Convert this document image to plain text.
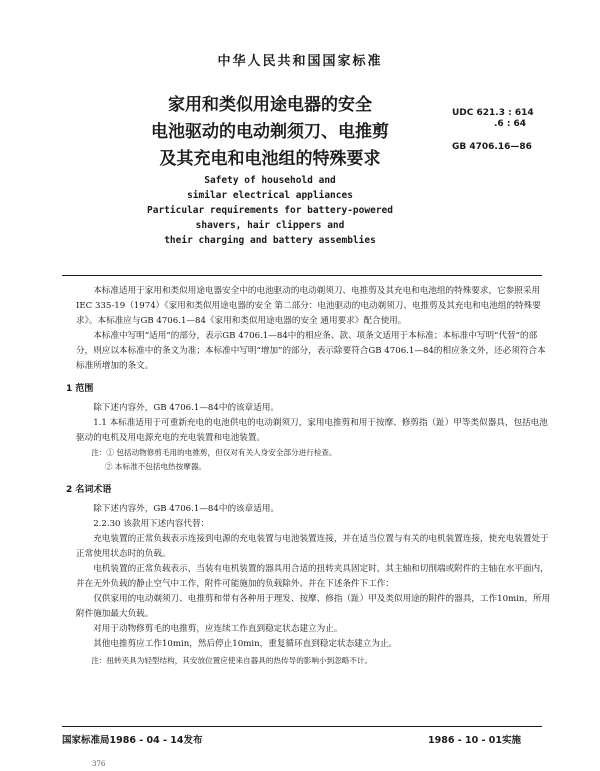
中华人民共和国国家标准
家用和类似用途电器的安全
电池驱动的电动剃须刀、电推剪
及其充电和电池组的特殊要求
UDC 621.3 : 614
.6 : 64
GB 4706.16—86
Safety of household and
similar electrical appliances
Particular requirements for battery-powered
shavers, hair clippers and
their charging and battery assemblies
本标准适用于家用和类似用途电器安全中的电池驱动的电动剃须刀、电推剪及其充电和电池组的特殊要求，它参照采用IEC 335-19（1974）《家用和类似用途电器的安全 第二部分：电池驱动的电动剃须刀、电推剪及其充电和电池组的特殊要求》。本标准应与GB 4706.1—84《家用和类似用途电器的安全 通用要求》配合使用。
本标准中写明“适用”的部分，表示GB 4706.1—84中的相应条、款、项条文适用于本标准；本标准中写明“代替”的部分，则应以本标准中的条文为准；本标准中写明“增加”的部分，表示除要符合GB 4706.1—84的相应条文外，还必须符合本标准所增加的条文。
1 范围
除下述内容外，GB 4706.1—84中的该章适用。
1.1 本标准适用于可重新充电的电池供电的电动剃须刀，家用电推剪和用于按摩、修剪指（趾）甲等类似器具，包括电池驱动的电机及用电源充电的充电装置和电池装置。
注：① 包括动物修剪毛用的电推剪，但仅对有关人身安全部分进行检查。
② 本标准不包括电热按摩器。
2 名词术语
除下述内容外，GB 4706.1—84中的该章适用。
2.2.30 该款用下述内容代替：
充电装置的正常负载表示连接到电源的充电装置与电池装置连接，并在适当位置与有关的电机装置连接，使充电装置处于正常使用状态时的负载。
电机装置的正常负载表示，当装有电机装置的器具用合适的扭转夹具固定时，其主轴和切削端或附件的主轴在水平面内，并在无外负载的静止空气中工作，附件可能施加的负载除外。并在下述条件下工作：
仅供家用的电动剃须刀、电推剪和带有各种用于理发、按摩、修指（趾）甲及类似用途的附件的器具，工作10min，所用附件施加最大负载。
对用于动物修剪毛的电推剪，应连续工作直到稳定状态建立为止。
其他电推剪应工作10min，然后停止10min，重复循环直到稳定状态建立为止。
注：扭转夹具为轻型结构，其安放位置应使来自器具的热传导的影响小到忽略不计。
国家标准局1986 - 04 - 14发布	1986 - 10 - 01实施
376
